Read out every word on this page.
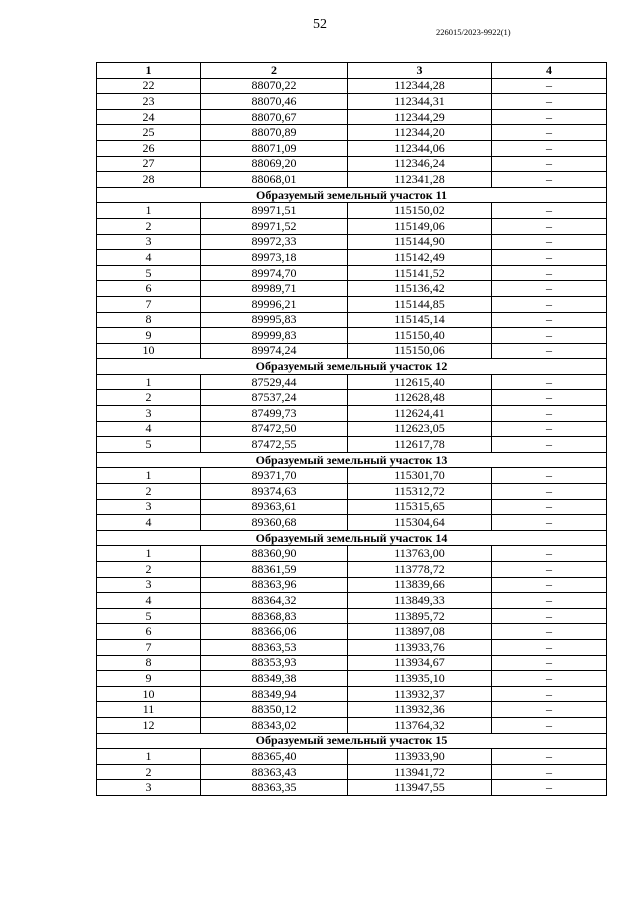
52	226015/2023-9922(1)
1	2	3	4
22	88070,22	112344,28	–
23	88070,46	112344,31	–
24	88070,67	112344,29	–
25	88070,89	112344,20	–
26	88071,09	112344,06	–
27	88069,20	112346,24	–
28	88068,01	112341,28	–
Образуемый земельный участок 11			
1	89971,51	115150,02	–
2	89971,52	115149,06	–
3	89972,33	115144,90	–
4	89973,18	115142,49	–
5	89974,70	115141,52	–
6	89989,71	115136,42	–
7	89996,21	115144,85	–
8	89995,83	115145,14	–
9	89999,83	115150,40	–
10	89974,24	115150,06	–
Образуемый земельный участок 12			
1	87529,44	112615,40	–
2	87537,24	112628,48	–
3	87499,73	112624,41	–
4	87472,50	112623,05	–
5	87472,55	112617,78	–
Образуемый земельный участок 13			
1	89371,70	115301,70	–
2	89374,63	115312,72	–
3	89363,61	115315,65	–
4	89360,68	115304,64	–
Образуемый земельный участок 14			
1	88360,90	113763,00	–
2	88361,59	113778,72	–
3	88363,96	113839,66	–
4	88364,32	113849,33	–
5	88368,83	113895,72	–
6	88366,06	113897,08	–
7	88363,53	113933,76	–
8	88353,93	113934,67	–
9	88349,38	113935,10	–
10	88349,94	113932,37	–
11	88350,12	113932,36	–
12	88343,02	113764,32	–
Образуемый земельный участок 15			
1	88365,40	113933,90	–
2	88363,43	113941,72	–
3	88363,35	113947,55	–
